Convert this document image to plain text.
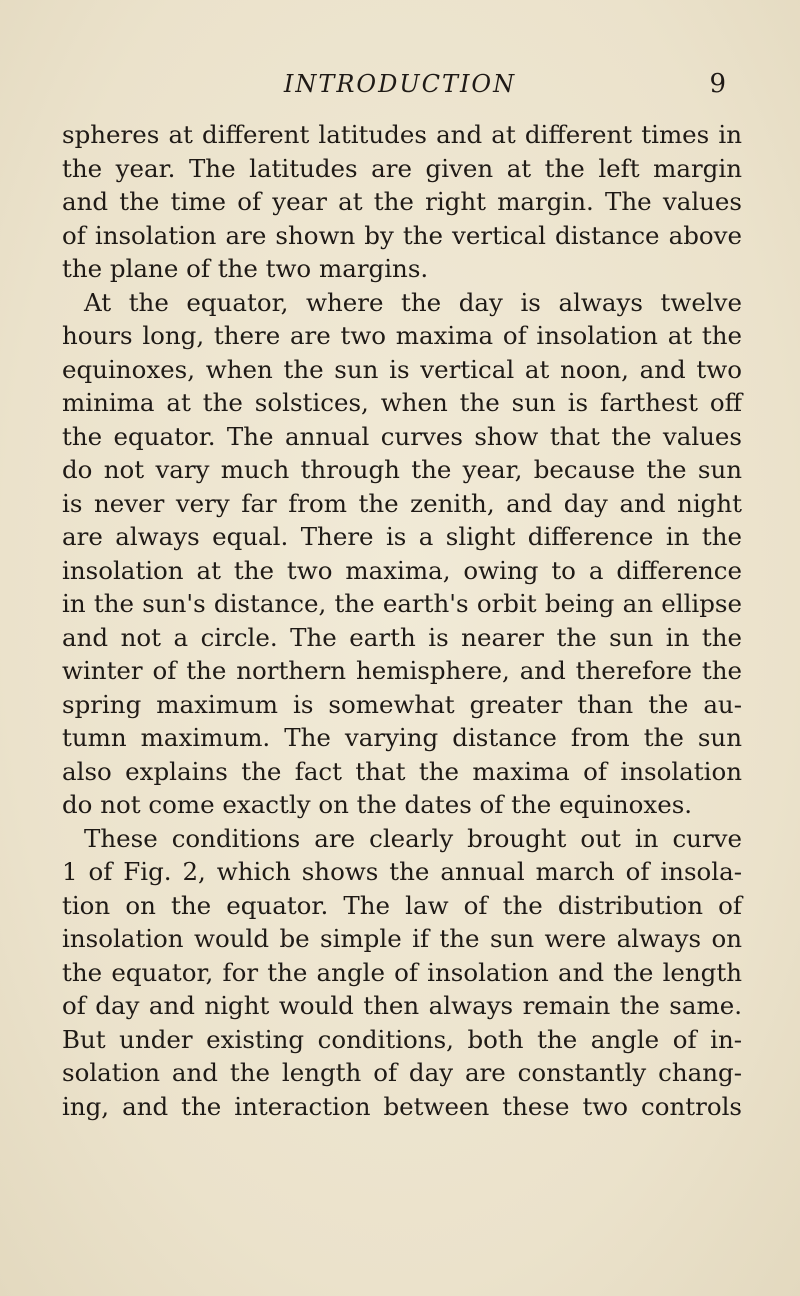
INTRODUCTION	9
spheres at different latitudes and at different times in
the year. The latitudes are given at the left margin
and the time of year at the right margin. The values
of insolation are shown by the vertical distance above
the plane of the two margins.
At the equator, where the day is always twelve
hours long, there are two maxima of insolation at the
equinoxes, when the sun is vertical at noon, and two
minima at the solstices, when the sun is farthest off
the equator. The annual curves show that the values
do not vary much through the year, because the sun
is never very far from the zenith, and day and night
are always equal. There is a slight difference in the
insolation at the two maxima, owing to a difference
in the sun's distance, the earth's orbit being an ellipse
and not a circle. The earth is nearer the sun in the
winter of the northern hemisphere, and therefore the
spring maximum is somewhat greater than the au-
tumn maximum. The varying distance from the sun
also explains the fact that the maxima of insolation
do not come exactly on the dates of the equinoxes.
These conditions are clearly brought out in curve
1 of Fig. 2, which shows the annual march of insola-
tion on the equator. The law of the distribution of
insolation would be simple if the sun were always on
the equator, for the angle of insolation and the length
of day and night would then always remain the same.
But under existing conditions, both the angle of in-
solation and the length of day are constantly chang-
ing, and the interaction between these two controls
